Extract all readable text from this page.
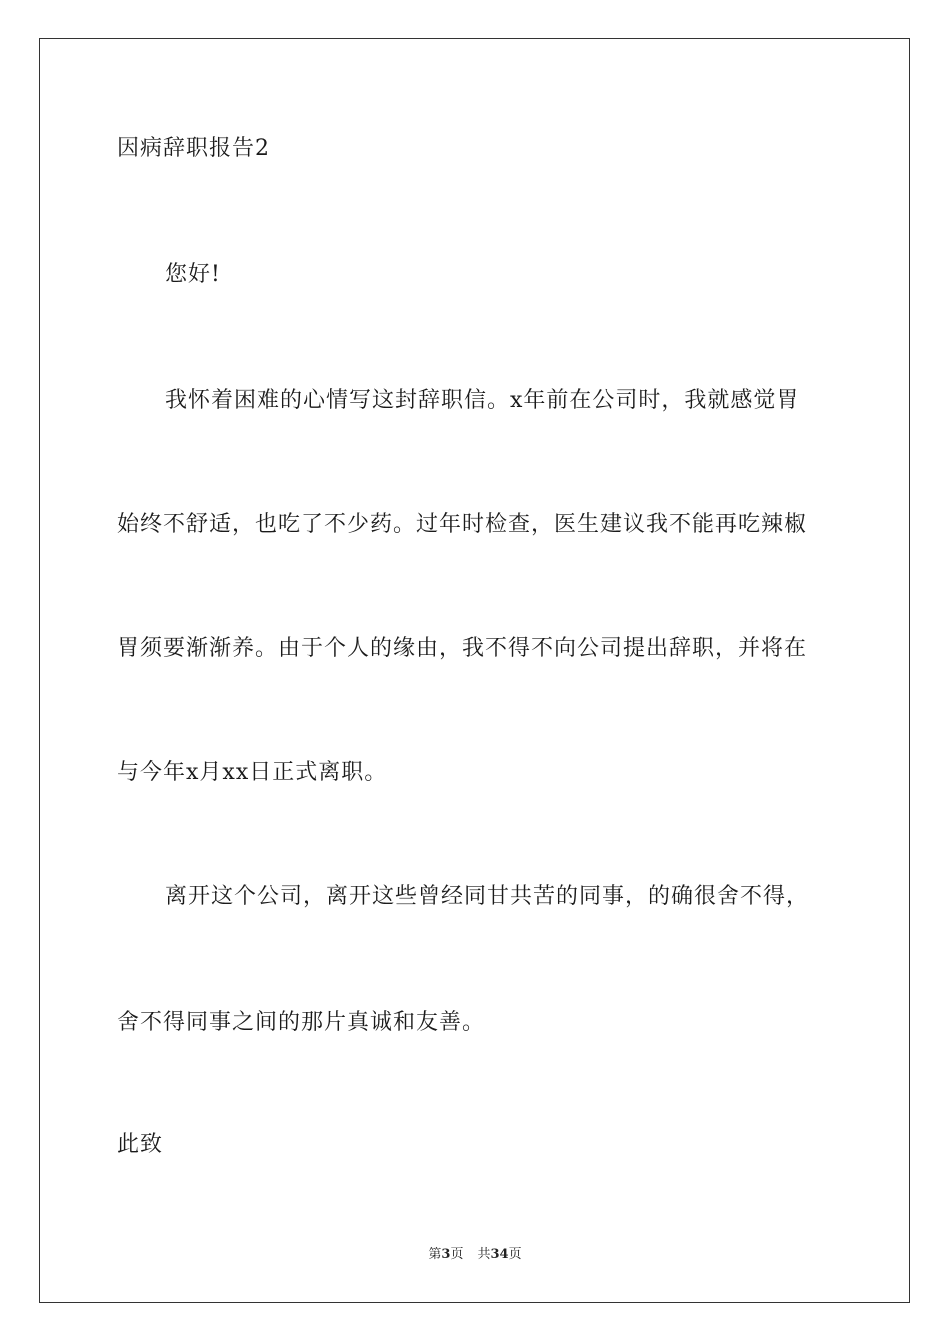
因病辞职报告2
您好!
我怀着困难的心情写这封辞职信。x年前在公司时，我就感觉胃
始终不舒适，也吃了不少药。过年时检查，医生建议我不能再吃辣椒
胃须要渐渐养。由于个人的缘由，我不得不向公司提出辞职，并将在
与今年x月xx日正式离职。
离开这个公司，离开这些曾经同甘共苦的同事，的确很舍不得，
舍不得同事之间的那片真诚和友善。
此致
第3页 共34页
